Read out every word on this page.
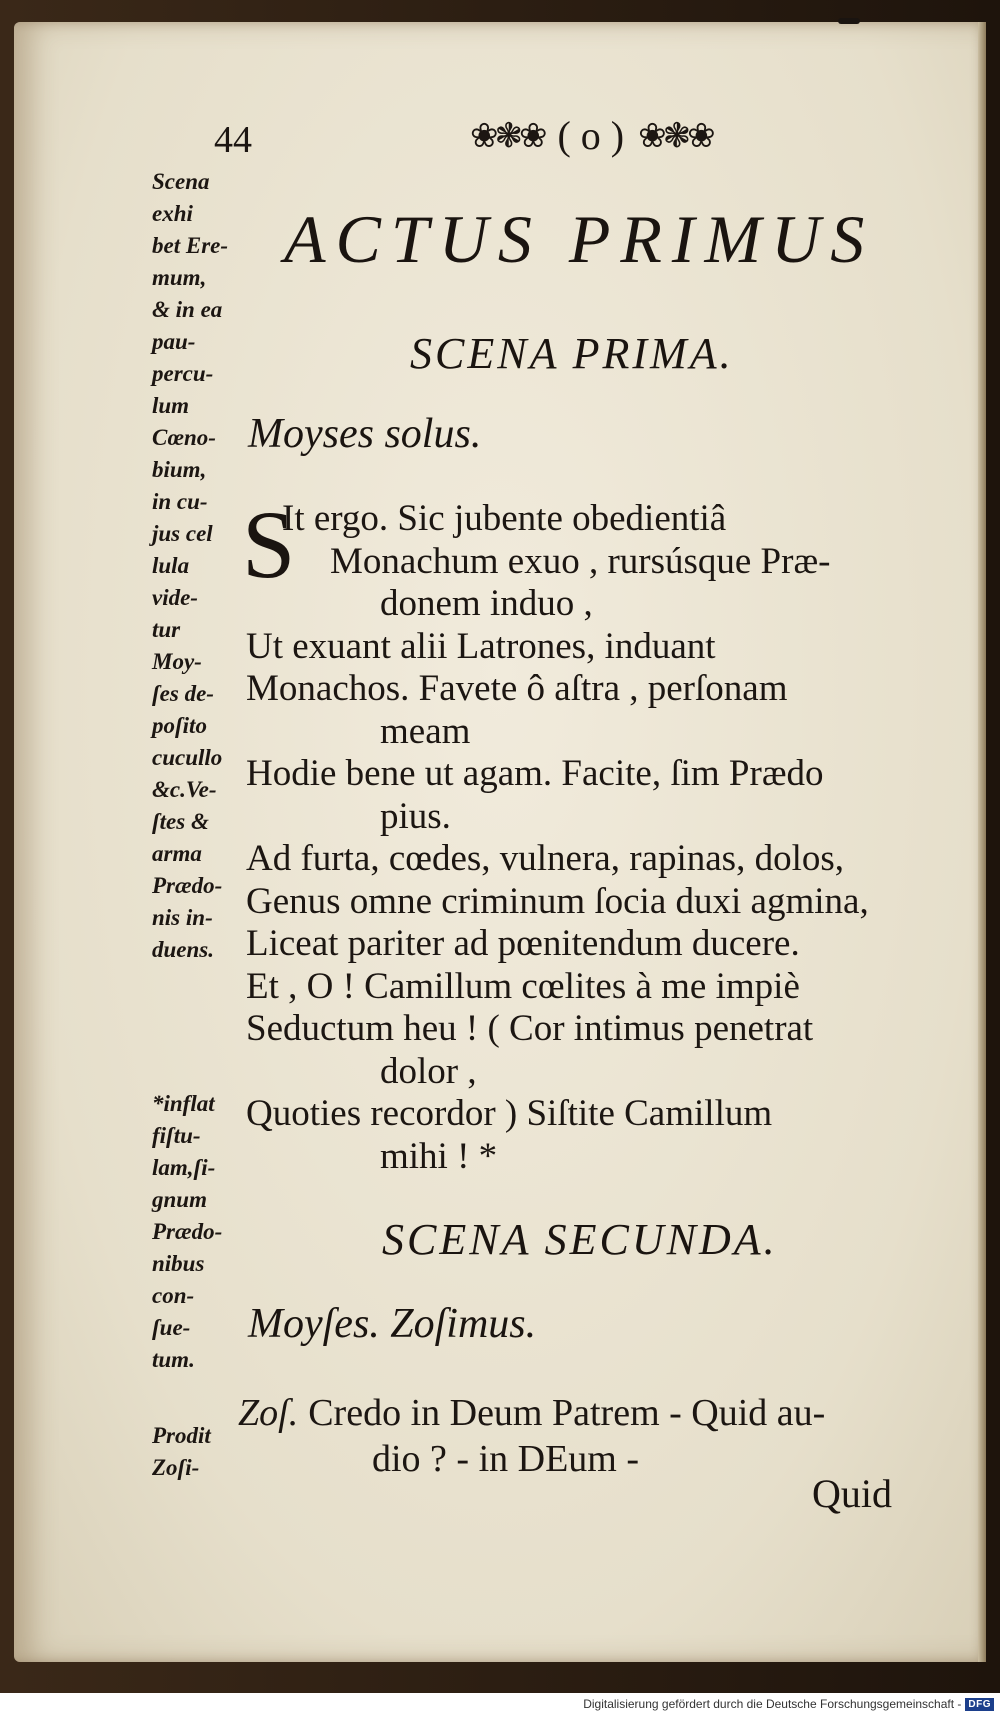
44	❀❃❀ ( o ) ❀❃❀
ACTUS PRIMUS
SCENA PRIMA.
Moyses solus.
S
It ergo. Sic jubente obedientiâ
Monachum exuo , rursúsque Præ-
donem induo ,
Ut exuant alii Latrones, induant
Monachos. Favete ô aſtra , perſonam
meam
Hodie bene ut agam. Facite, ſim Prædo
pius.
Ad furta, cœdes, vulnera, rapinas, dolos,
Genus omne criminum ſocia duxi agmina,
Liceat pariter ad pœnitendum ducere.
Et , O ! Camillum cœlites à me impiè
Seductum heu ! ( Cor intimus penetrat
dolor ,
Quoties recordor ) Siſtite Camillum
mihi ! *
Scena
exhi
bet Ere-
mum,
& in ea
pau-
percu-
lum
Cœno-
bium,
in cu-
jus cel
lula
vide-
tur
Moy-
ſes de-
poſito
cucullo
&c.Ve-
ſtes &
arma
Prædo-
nis in-
duens.
*inflat
fiſtu-
lam,ſi-
gnum
Prædo-
nibus
con-
ſue-
tum.
Prodit
Zoſi-
SCENA SECUNDA.
Moyſes. Zoſimus.
Zoſ. Credo in Deum Patrem - Quid au-
dio ? - in DEum -
Quid
Digitalisierung gefördert durch die Deutsche Forschungsgemeinschaft - DFG
